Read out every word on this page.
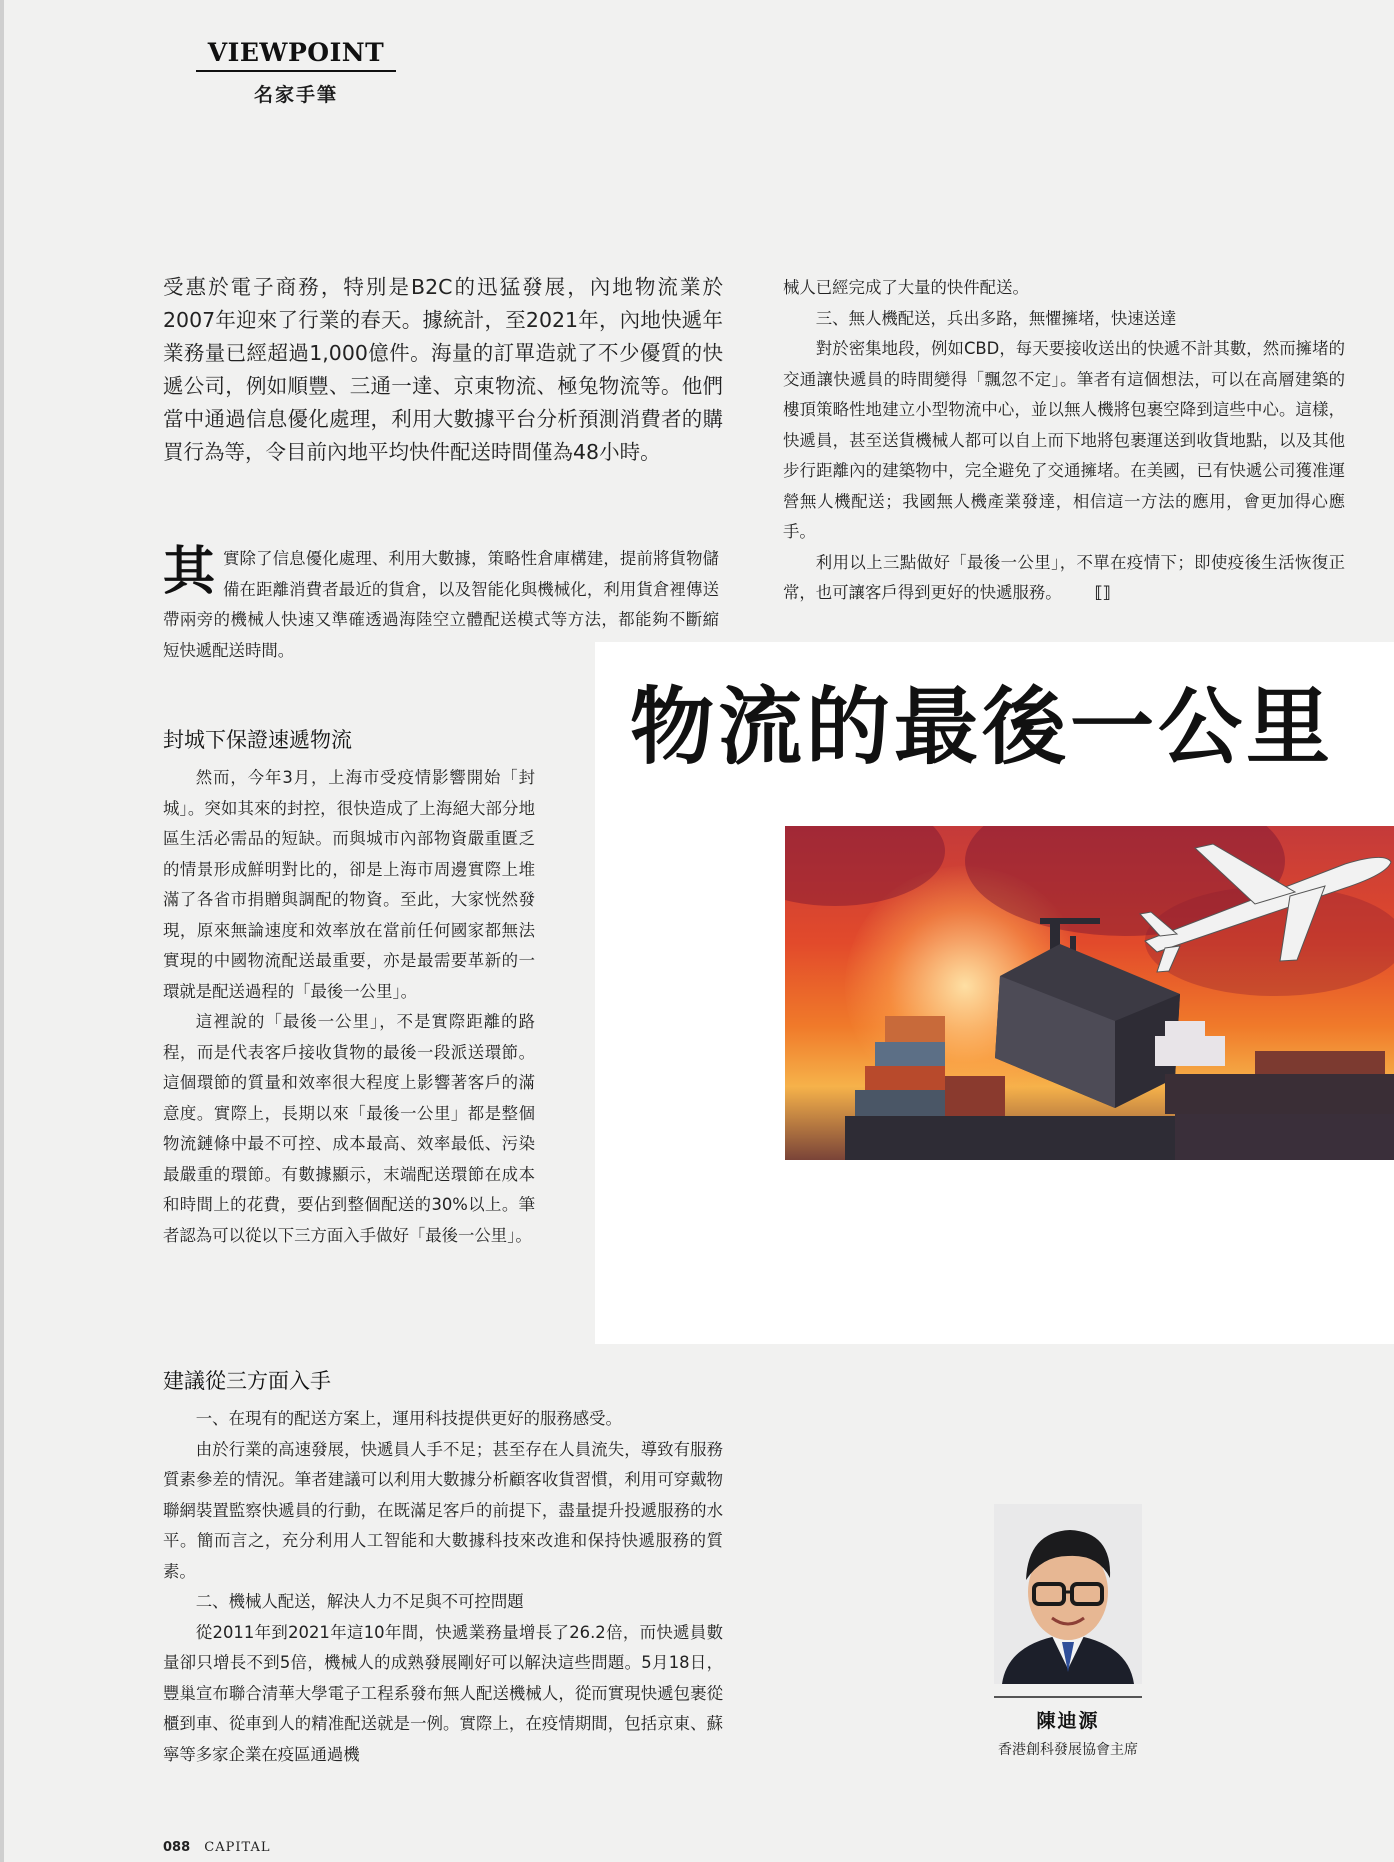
VIEWPOINT
名家手筆

受惠於電子商務，特別是B2C的迅猛發展，內地物流業於2007年迎來了行業的春天。據統計，至2021年，內地快遞年業務量已經超過1,000億件。海量的訂單造就了不少優質的快遞公司，例如順豐、三通一達、京東物流、極兔物流等。他們當中通過信息優化處理，利用大數據平台分析預測消費者的購買行為等，令目前內地平均快件配送時間僅為48小時。

其 實除了信息優化處理、利用大數據，策略性倉庫構建，提前將貨物儲備在距離消費者最近的貨倉，以及智能化與機械化，利用貨倉裡傳送帶兩旁的機械人快速又準確透過海陸空立體配送模式等方法，都能夠不斷縮短快遞配送時間。

封城下保證速遞物流

然而，今年3月，上海市受疫情影響開始「封城」。突如其來的封控，很快造成了上海絕大部分地區生活必需品的短缺。而與城市內部物資嚴重匱乏的情景形成鮮明對比的，卻是上海市周邊實際上堆滿了各省市捐贈與調配的物資。至此，大家恍然發現，原來無論速度和效率放在當前任何國家都無法實現的中國物流配送最重要，亦是最需要革新的一環就是配送過程的「最後一公里」。

這裡說的「最後一公里」，不是實際距離的路程，而是代表客戶接收貨物的最後一段派送環節。這個環節的質量和效率很大程度上影響著客戶的滿意度。實際上，長期以來「最後一公里」都是整個物流鏈條中最不可控、成本最高、效率最低、污染最嚴重的環節。有數據顯示，末端配送環節在成本和時間上的花費，要佔到整個配送的30%以上。筆者認為可以從以下三方面入手做好「最後一公里」。

建議從三方面入手

一、在現有的配送方案上，運用科技提供更好的服務感受。

由於行業的高速發展，快遞員人手不足；甚至存在人員流失，導致有服務質素參差的情況。筆者建議可以利用大數據分析顧客收貨習慣，利用可穿戴物聯網裝置監察快遞員的行動，在既滿足客戶的前提下，盡量提升投遞服務的水平。簡而言之，充分利用人工智能和大數據科技來改進和保持快遞服務的質素。

二、機械人配送，解決人力不足與不可控問題

從2011年到2021年這10年間，快遞業務量增長了26.2倍，而快遞員數量卻只增長不到5倍，機械人的成熟發展剛好可以解決這些問題。5月18日，豐巢宣布聯合清華大學電子工程系發布無人配送機械人，從而實現快遞包裹從櫃到車、從車到人的精准配送就是一例。實際上，在疫情期間，包括京東、蘇寧等多家企業在疫區通過機

械人已經完成了大量的快件配送。

三、無人機配送，兵出多路，無懼擁堵，快速送達

對於密集地段，例如CBD，每天要接收送出的快遞不計其數，然而擁堵的交通讓快遞員的時間變得「飄忽不定」。筆者有這個想法，可以在高層建築的樓頂策略性地建立小型物流中心，並以無人機將包裹空降到這些中心。這樣，快遞員，甚至送貨機械人都可以自上而下地將包裹運送到收貨地點，以及其他步行距離內的建築物中，完全避免了交通擁堵。在美國，已有快遞公司獲准運營無人機配送；我國無人機產業發達，相信這一方法的應用，會更加得心應手。

利用以上三點做好「最後一公里」，不單在疫情下；即使疫後生活恢復正常，也可讓客戶得到更好的快遞服務。 ⟦⟧

物流的最後一公里
陳迪源
香港創科發展協會主席
088 CAPITAL
